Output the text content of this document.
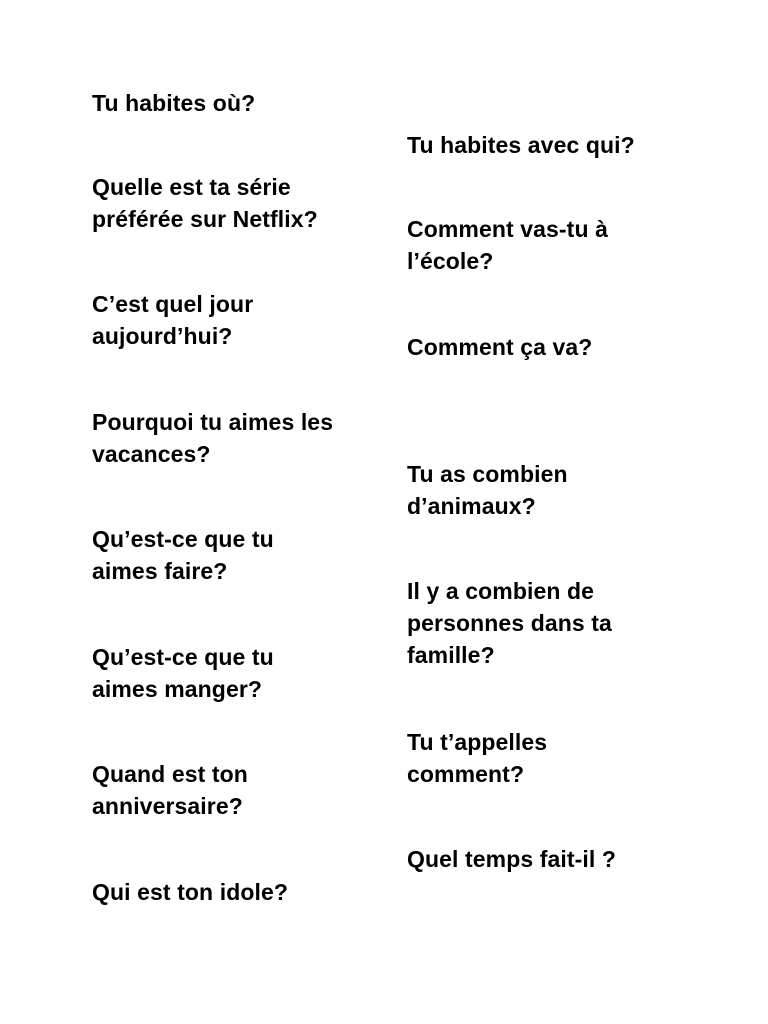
Tu habites où?

Quelle est ta série
préférée sur Netflix?

C’est quel jour
aujourd’hui?

Pourquoi tu aimes les
vacances?

Qu’est-ce que tu
aimes faire?

Qu’est-ce que tu
aimes manger?

Quand est ton
anniversaire?

Qui est ton idole?

Tu habites avec qui?

Comment vas-tu à
l’école?

Comment ça va?

Tu as combien
d’animaux?

Il y a combien de
personnes dans ta
famille?

Tu t’appelles
comment?

Quel temps fait-il ?
